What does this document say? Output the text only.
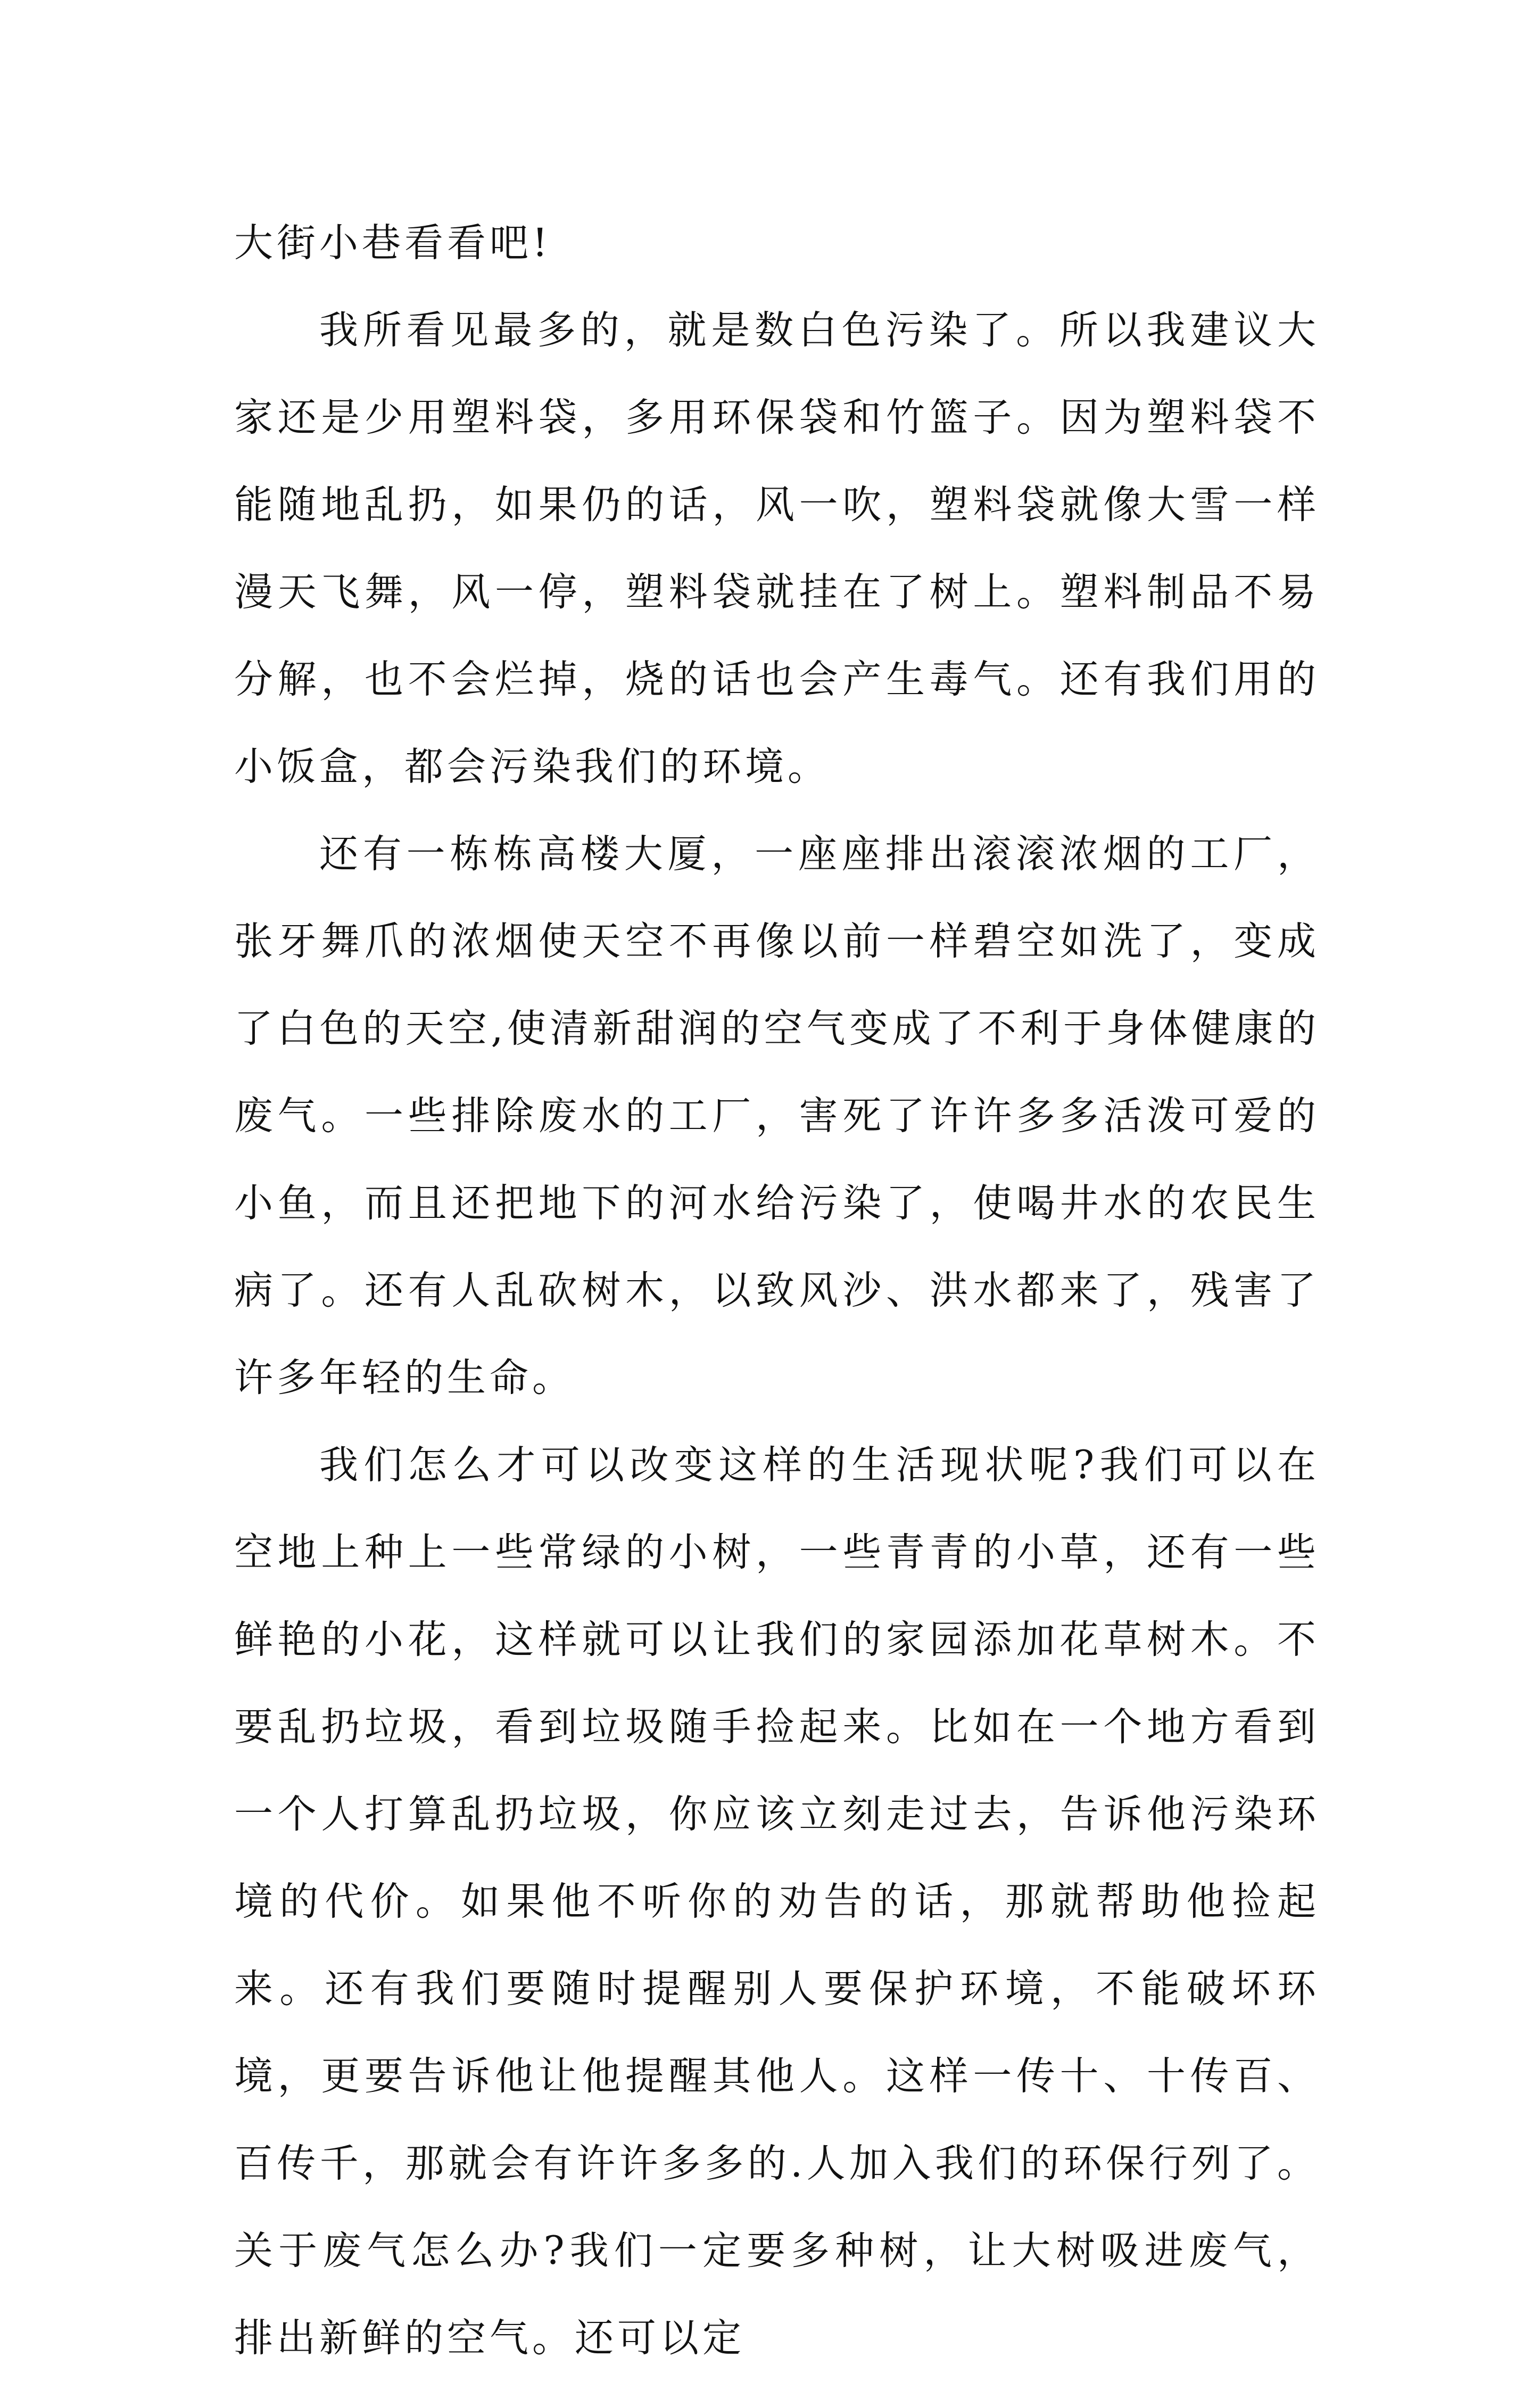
大街小巷看看吧!

我所看见最多的，就是数白色污染了。所以我建议大家还是少用塑料袋，多用环保袋和竹篮子。因为塑料袋不能随地乱扔，如果仍的话，风一吹，塑料袋就像大雪一样漫天飞舞，风一停，塑料袋就挂在了树上。塑料制品不易分解，也不会烂掉，烧的话也会产生毒气。还有我们用的小饭盒，都会污染我们的环境。

还有一栋栋高楼大厦，一座座排出滚滚浓烟的工厂，张牙舞爪的浓烟使天空不再像以前一样碧空如洗了，变成了白色的天空,使清新甜润的空气变成了不利于身体健康的废气。一些排除废水的工厂，害死了许许多多活泼可爱的小鱼，而且还把地下的河水给污染了，使喝井水的农民生病了。还有人乱砍树木，以致风沙、洪水都来了，残害了许多年轻的生命。

我们怎么才可以改变这样的生活现状呢?我们可以在空地上种上一些常绿的小树，一些青青的小草，还有一些鲜艳的小花，这样就可以让我们的家园添加花草树木。不要乱扔垃圾，看到垃圾随手捡起来。比如在一个地方看到一个人打算乱扔垃圾，你应该立刻走过去，告诉他污染环境的代价。如果他不听你的劝告的话，那就帮助他捡起来。还有我们要随时提醒别人要保护环境，不能破坏环境，更要告诉他让他提醒其他人。这样一传十、十传百、百传千，那就会有许许多多的.人加入我们的环保行列了。关于废气怎么办?我们一定要多种树，让大树吸进废气，排出新鲜的空气。还可以定
